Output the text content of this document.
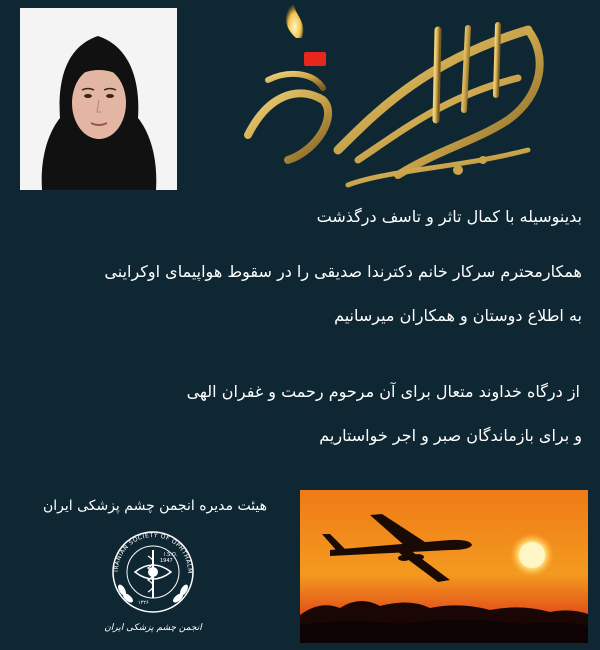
بدینوسیله با کمال تاثر و تاسف درگذشت
همکارمحترم سرکار خانم دکترندا صدیقی را در سقوط هواپیمای اوکراینی
به اطلاع دوستان و همکاران میرسانیم
از درگاه خداوند متعال برای آن مرحوم رحمت و غفران الهی
و برای بازماندگان صبر و اجر خواستاریم
هیئت مدیره انجمن چشم پزشکی ایران
IRANIAN SOCIETY OF OPHTHALM
I.S.O.
1947
۱۳۲۶
انجمن چشم پزشکی ایران
